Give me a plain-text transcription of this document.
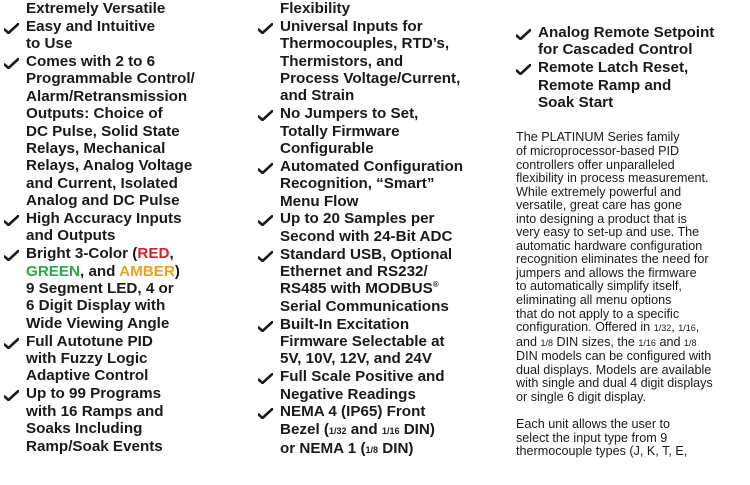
Extremely Versatile

Easy and Intuitive
to Use

Comes with 2 to 6
Programmable Control/
Alarm/Retransmission
Outputs: Choice of
DC Pulse, Solid State
Relays, Mechanical
Relays, Analog Voltage
and Current, Isolated
Analog and DC Pulse

High Accuracy Inputs
and Outputs

Bright 3-Color (RED,
GREEN, and AMBER)
9 Segment LED, 4 or
6 Digit Display with
Wide Viewing Angle

Full Autotune PID
with Fuzzy Logic
Adaptive Control

Up to 99 Programs
with 16 Ramps and
Soaks Including
Ramp/Soak Events

Flexibility

Universal Inputs for
Thermocouples, RTD’s,
Thermistors, and
Process Voltage/Current,
and Strain

No Jumpers to Set,
Totally Firmware
Configurable

Automated Configuration
Recognition, “Smart”
Menu Flow

Up to 20 Samples per
Second with 24-Bit ADC

Standard USB, Optional
Ethernet and RS232/
RS485 with MODBUS®
Serial Communications

Built-In Excitation
Firmware Selectable at
5V, 10V, 12V, and 24V

Full Scale Positive and
Negative Readings

NEMA 4 (IP65) Front
Bezel (1/32 and 1/16 DIN)
or NEMA 1 (1/8 DIN)

Analog Remote Setpoint
for Cascaded Control

Remote Latch Reset,
Remote Ramp and
Soak Start

The PLATINUM Series family
of microprocessor-based PID
controllers offer unparalleled
flexibility in process measurement.
While extremely powerful and
versatile, great care has gone
into designing a product that is
very easy to set-up and use. The
automatic hardware configuration
recognition eliminates the need for
jumpers and allows the firmware
to automatically simplify itself,
eliminating all menu options
that do not apply to a specific
configuration. Offered in 1/32, 1/16,
and 1/8 DIN sizes, the 1/16 and 1/8
DIN models can be configured with
dual displays. Models are available
with single and dual 4 digit displays
or single 6 digit display.

Each unit allows the user to
select the input type from 9
thermocouple types (J, K, T, E,
